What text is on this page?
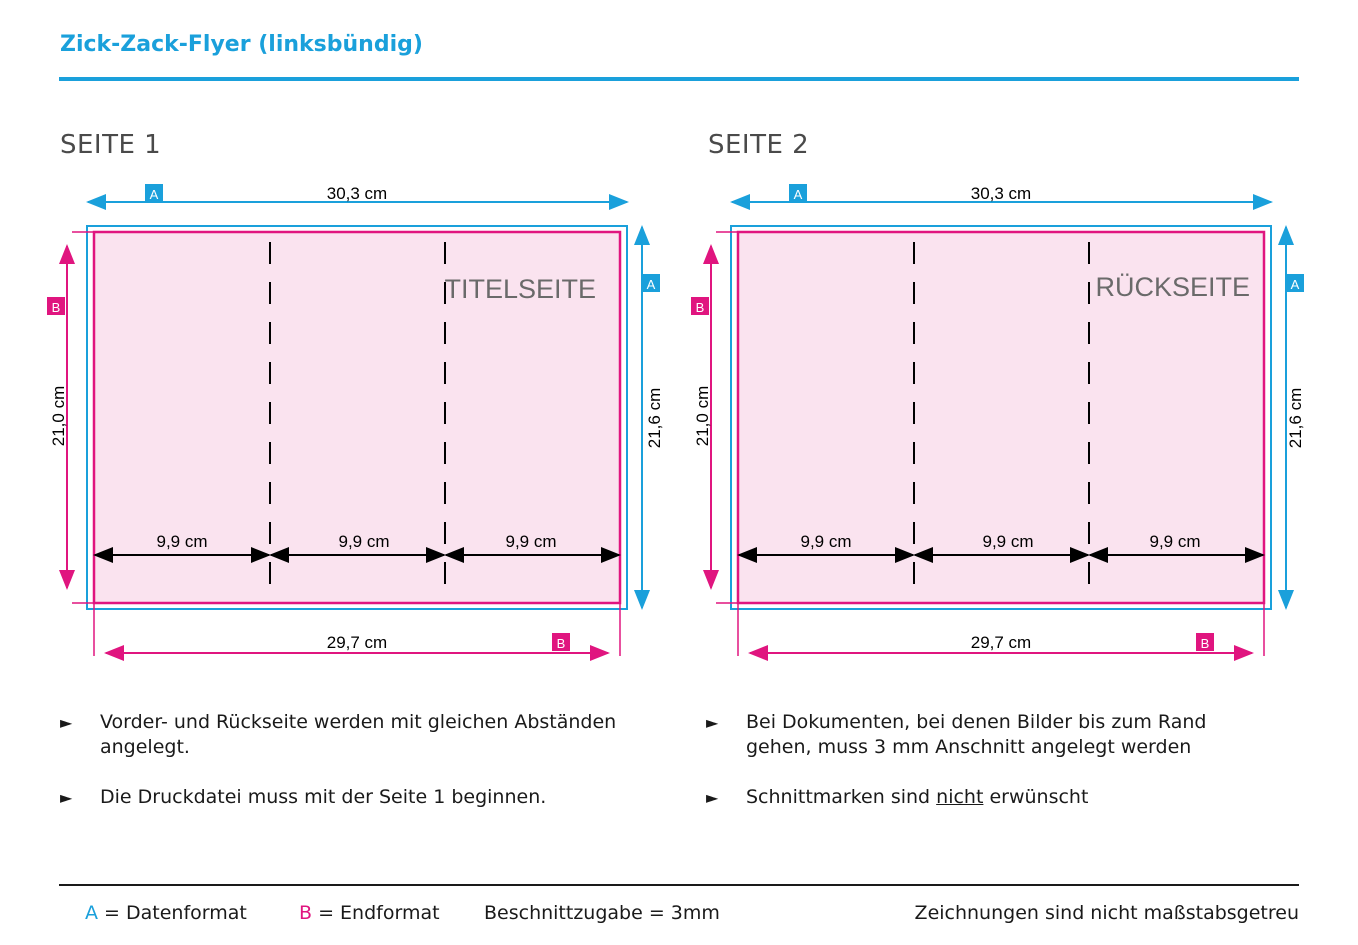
Zick-Zack-Flyer (linksbündig)
SEITE 1	SEITE 2
A	30,3 cm
TITELSEITE
9,9 cm	9,9 cm	9,9 cm
B
21,0 cm
A
21,6 cm
29,7 cm	B
A	30,3 cm
RÜCKSEITE
9,9 cm	9,9 cm	9,9 cm
B
21,0 cm
A
21,6 cm
29,7 cm	B
► Vorder- und Rückseite werden mit gleichen Abständen angelegt.
► Die Druckdatei muss mit der Seite 1 beginnen.
► Bei Dokumenten, bei denen Bilder bis zum Rand gehen, muss 3 mm Anschnitt angelegt werden
► Schnittmarken sind nicht erwünscht
A = Datenformat	B = Endformat Beschnittzugabe = 3mm	Zeichnungen sind nicht maßstabsgetreu
